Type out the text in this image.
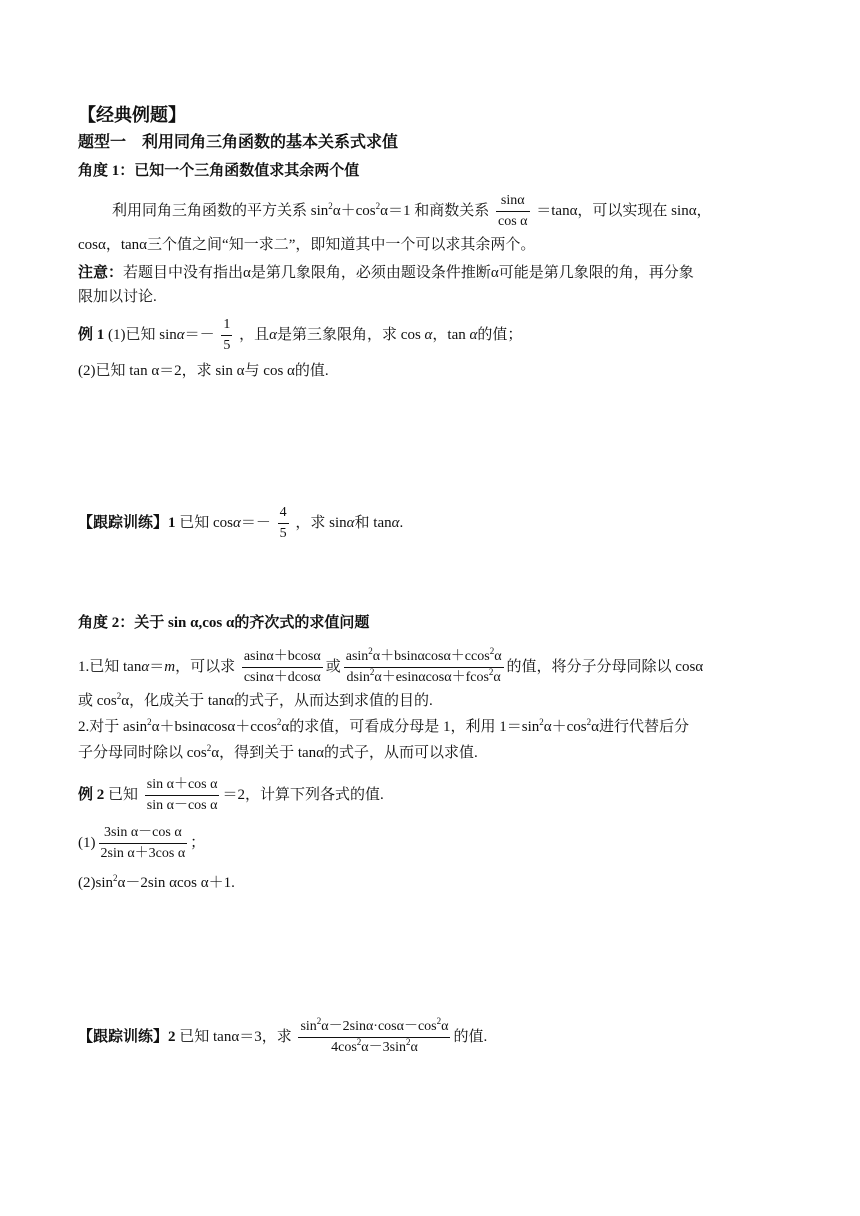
【经典例题】
题型一　利用同角三角函数的基本关系式求值
角度 1：已知一个三角函数值求其余两个值
利用同角三角函数的平方关系 $\sin^2\alpha+\cos^2\alpha=1$ 和商数关系 $\frac{\sin\alpha}{\text{cos α}} =\tan\alpha$，可以实现在 sinα，
cosα，tanα三个值之间“知一求二”，即知道其中一个可以求其余两个。
注意：若题目中没有指出α是第几象限角，必须由题设条件推断α可能是第几象限的角，再分象
限加以讨论.
例 1 (1)已知 $\sin\alpha=- \frac{1}{5}$ ，且α是第三象限角，求 cos α，tan α的值；
(2)已知 tan α＝2，求 sin α与 cos α的值.
【跟踪训练】1 已知 $\cos\alpha=- \frac{4}{5}$ ，求 sinα和 tanα.
角度 2：关于 sin α,cos α的齐次式的求值问题
1.已知 tanα＝m，可以求 $\frac{asin\alpha+bcos\alpha}{csin\alpha+dcos\alpha}$ 或 $\frac{asin^2\alpha+bsin\alpha\cos\alpha+ccos^2\alpha}{dsin^2\alpha+esin\alpha\cos\alpha+fcos^2\alpha}$ 的值，将分子分母同除以 cosα
或 $\cos^2\alpha$，化成关于 tanα的式子，从而达到求值的目的.
2.对于 asin$^2$α＋bsinαcosα＋ccos$^2$α的求值，可看成分母是 1，利用 $1=\sin^2\alpha+\cos^2\alpha$进行代替后分
子分母同时除以 $\cos^2\alpha$，得到关于 tanα的式子，从而可以求值.
例 2 已知 $\frac{\text{sin α＋cos α}}{\text{sin α－cos α}} =2$，计算下列各式的值.
$(1) \frac{\text{3sin α－cos α}}{\text{2sin α＋3cos α}}$ ；
$(2)\sin^2\alpha-2\sin$ αcos α＋1.
【跟踪训练】2 已知 tanα＝3，求 $\frac{\sin^2\alpha-2\sin\alpha\cdot\cos\alpha-\cos^2\alpha}{4\cos^2\alpha-3\sin^2\alpha}$ 的值.
